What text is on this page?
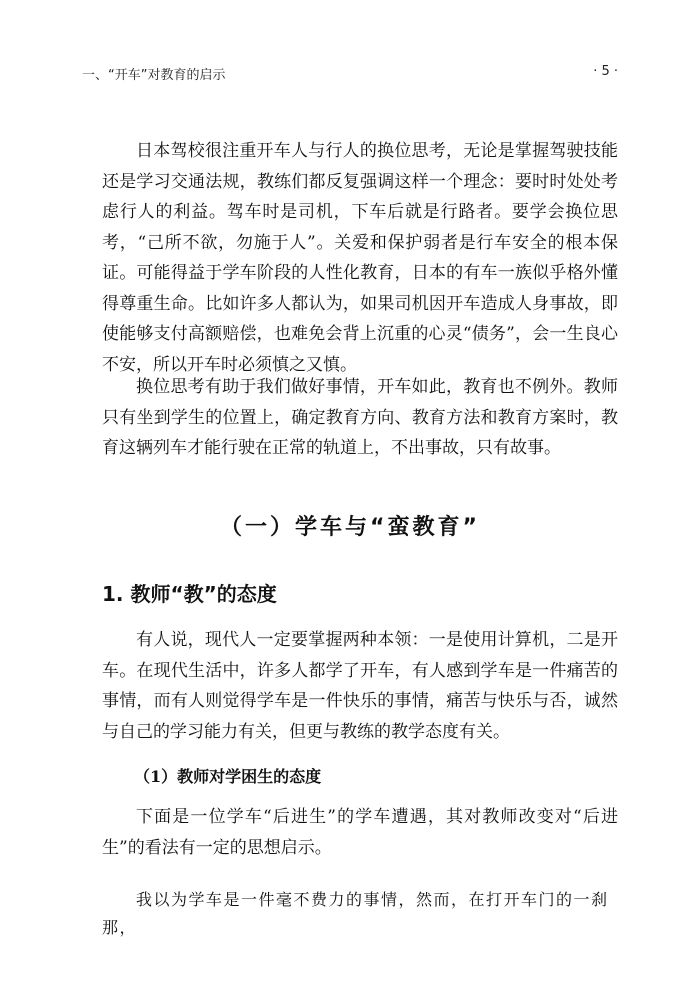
一、“开车”对教育的启示	· 5 ·

日本驾校很注重开车人与行人的换位思考，无论是掌握驾驶技能还是学习交通法规，教练们都反复强调这样一个理念：要时时处处考虑行人的利益。驾车时是司机，下车后就是行路者。要学会换位思考，“己所不欲，勿施于人”。关爱和保护弱者是行车安全的根本保证。可能得益于学车阶段的人性化教育，日本的有车一族似乎格外懂得尊重生命。比如许多人都认为，如果司机因开车造成人身事故，即使能够支付高额赔偿，也难免会背上沉重的心灵“债务”，会一生良心不安，所以开车时必须慎之又慎。

换位思考有助于我们做好事情，开车如此，教育也不例外。教师只有坐到学生的位置上，确定教育方向、教育方法和教育方案时，教育这辆列车才能行驶在正常的轨道上，不出事故，只有故事。

（一）学车与“蛮教育”
1. 教师“教”的态度

有人说，现代人一定要掌握两种本领：一是使用计算机，二是开车。在现代生活中，许多人都学了开车，有人感到学车是一件痛苦的事情，而有人则觉得学车是一件快乐的事情，痛苦与快乐与否，诚然与自己的学习能力有关，但更与教练的教学态度有关。

（1）教师对学困生的态度

下面是一位学车“后进生”的学车遭遇，其对教师改变对“后进生”的看法有一定的思想启示。

我以为学车是一件毫不费力的事情，然而，在打开车门的一刹那，
